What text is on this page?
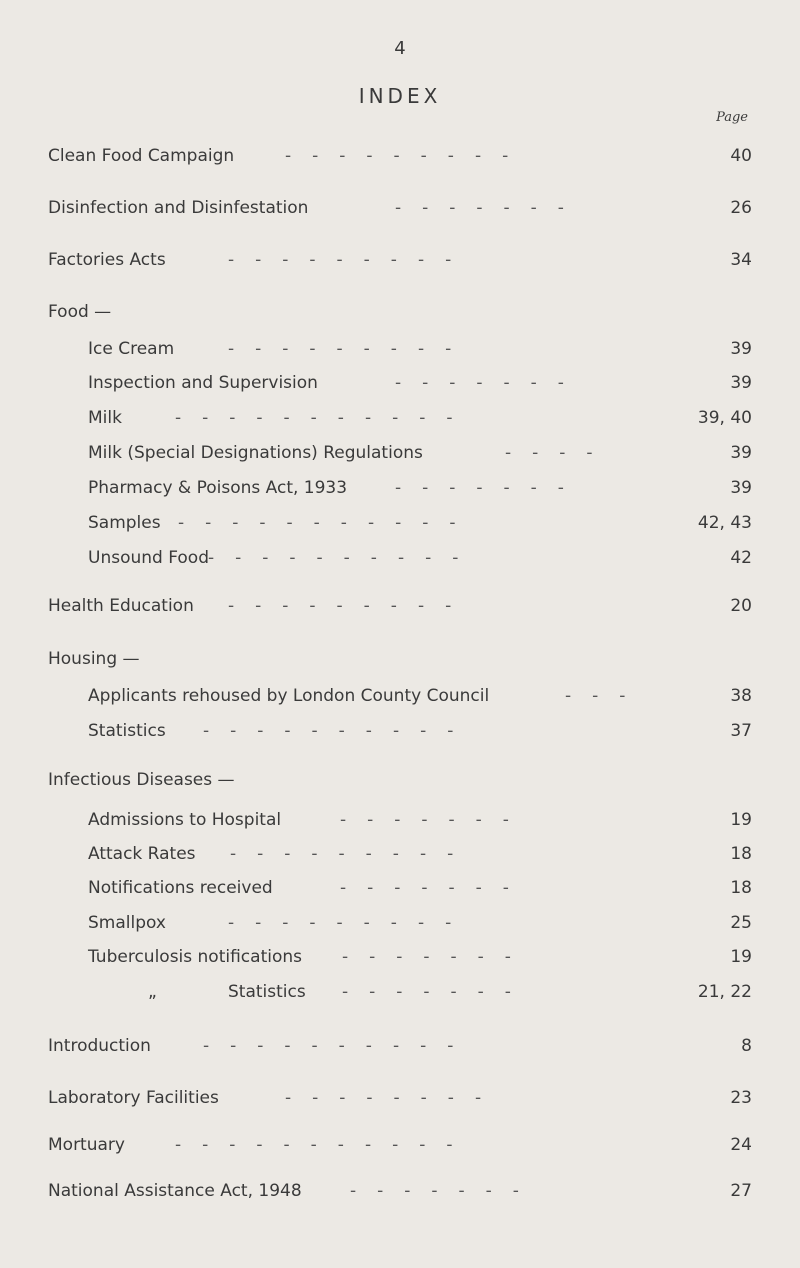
4
INDEX
Page
Clean Food Campaign	---------	40
Disinfection and Disinfestation	-------	26
Factories Acts	---------	34
Food —
Ice Cream	---------	39
Inspection and Supervision	-------	39
Milk	-----------	39, 40
Milk (Special Designations) Regulations	----	39
Pharmacy & Poisons Act, 1933	-------	39
Samples -----------	42, 43
Unsound Food ----------	42
Health Education ---------	20
Housing —
Applicants rehoused by London County Council	---	38
Statistics ----------	37
Infectious Diseases —
Admissions to Hospital	-------	19
Attack Rates ---------	18
Notifications received	-------	18
Smallpox	---------	25
Tuberculosis notifications -------	19
„	Statistics -------	21, 22
Introduction	----------	8
Laboratory Facilities	--------	23
Mortuary	-----------	24
National Assistance Act, 1948	-------	27
